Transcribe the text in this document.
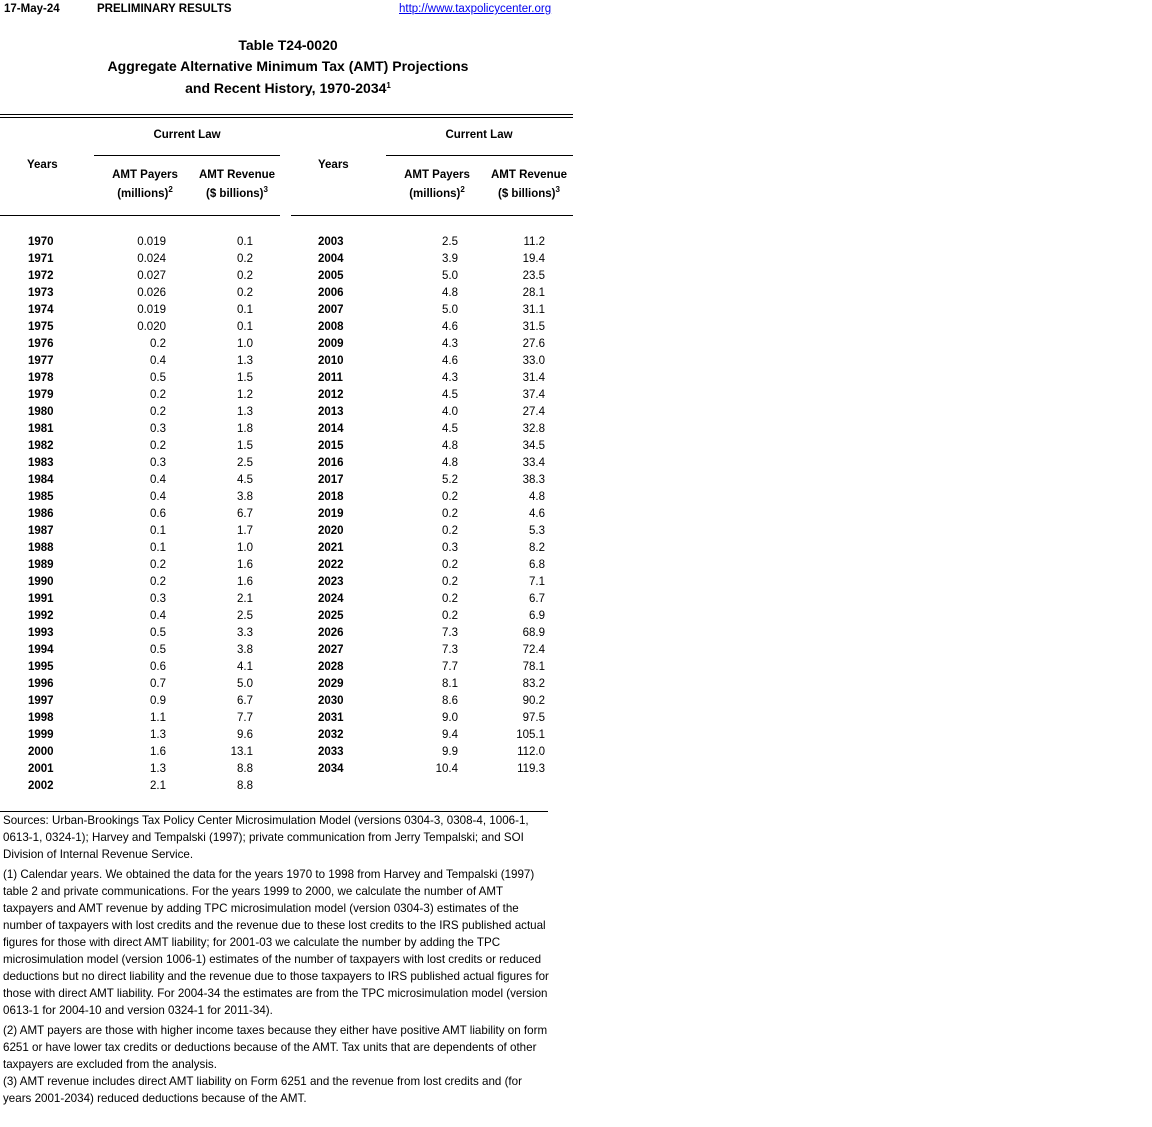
17-May-24	PRELIMINARY RESULTS	http://www.taxpolicycenter.org
Table T24-0020
Aggregate Alternative Minimum Tax (AMT) Projections
and Recent History, 1970-2034$^1$
Current Law
Years
AMT Payers
(millions)$^2$
AMT Revenue
($ billions)$^3$
Current Law
Years
AMT Payers
(millions)$^2$
AMT Revenue
($ billions)$^3$
1970	0.019	0.1
1971	0.024	0.2
1972	0.027	0.2
1973	0.026	0.2
1974	0.019	0.1
1975	0.020	0.1
1976	0.2	1.0
1977	0.4	1.3
1978	0.5	1.5
1979	0.2	1.2
1980	0.2	1.3
1981	0.3	1.8
1982	0.2	1.5
1983	0.3	2.5
1984	0.4	4.5
1985	0.4	3.8
1986	0.6	6.7
1987	0.1	1.7
1988	0.1	1.0
1989	0.2	1.6
1990	0.2	1.6
1991	0.3	2.1
1992	0.4	2.5
1993	0.5	3.3
1994	0.5	3.8
1995	0.6	4.1
1996	0.7	5.0
1997	0.9	6.7
1998	1.1	7.7
1999	1.3	9.6
2000	1.6	13.1
2001	1.3	8.8
2002	2.1	8.8
2003	2.5	11.2
2004	3.9	19.4
2005	5.0	23.5
2006	4.8	28.1
2007	5.0	31.1
2008	4.6	31.5
2009	4.3	27.6
2010	4.6	33.0
2011	4.3	31.4
2012	4.5	37.4
2013	4.0	27.4
2014	4.5	32.8
2015	4.8	34.5
2016	4.8	33.4
2017	5.2	38.3
2018	0.2	4.8
2019	0.2	4.6
2020	0.2	5.3
2021	0.3	8.2
2022	0.2	6.8
2023	0.2	7.1
2024	0.2	6.7
2025	0.2	6.9
2026	7.3	68.9
2027	7.3	72.4
2028	7.7	78.1
2029	8.1	83.2
2030	8.6	90.2
2031	9.0	97.5
2032	9.4	105.1
2033	9.9	112.0
2034	10.4	119.3

Sources: Urban-Brookings Tax Policy Center Microsimulation Model (versions 0304-3, 0308-4, 1006-1, 0613-1, 0324-1); Harvey and Tempalski (1997); private communication from Jerry Tempalski; and SOI Division of Internal Revenue Service.

(1) Calendar years. We obtained the data for the years 1970 to 1998 from Harvey and Tempalski (1997) table 2 and private communications. For the years 1999 to 2000, we calculate the number of AMT taxpayers and AMT revenue by adding TPC microsimulation model (version 0304-3) estimates of the number of taxpayers with lost credits and the revenue due to these lost credits to the IRS published actual figures for those with direct AMT liability; for 2001-03 we calculate the number by adding the TPC microsimulation model (version 1006-1) estimates of the number of taxpayers with lost credits or reduced deductions but no direct liability and the revenue due to those taxpayers to IRS published actual figures for those with direct AMT liability. For 2004-34 the estimates are from the TPC microsimulation model (version 0613-1 for 2004-10 and version 0324-1 for 2011-34).

(2) AMT payers are those with higher income taxes because they either have positive AMT liability on form 6251 or have lower tax credits or deductions because of the AMT. Tax units that are dependents of other taxpayers are excluded from the analysis.

(3) AMT revenue includes direct AMT liability on Form 6251 and the revenue from lost credits and (for years 2001-2034) reduced deductions because of the AMT.
